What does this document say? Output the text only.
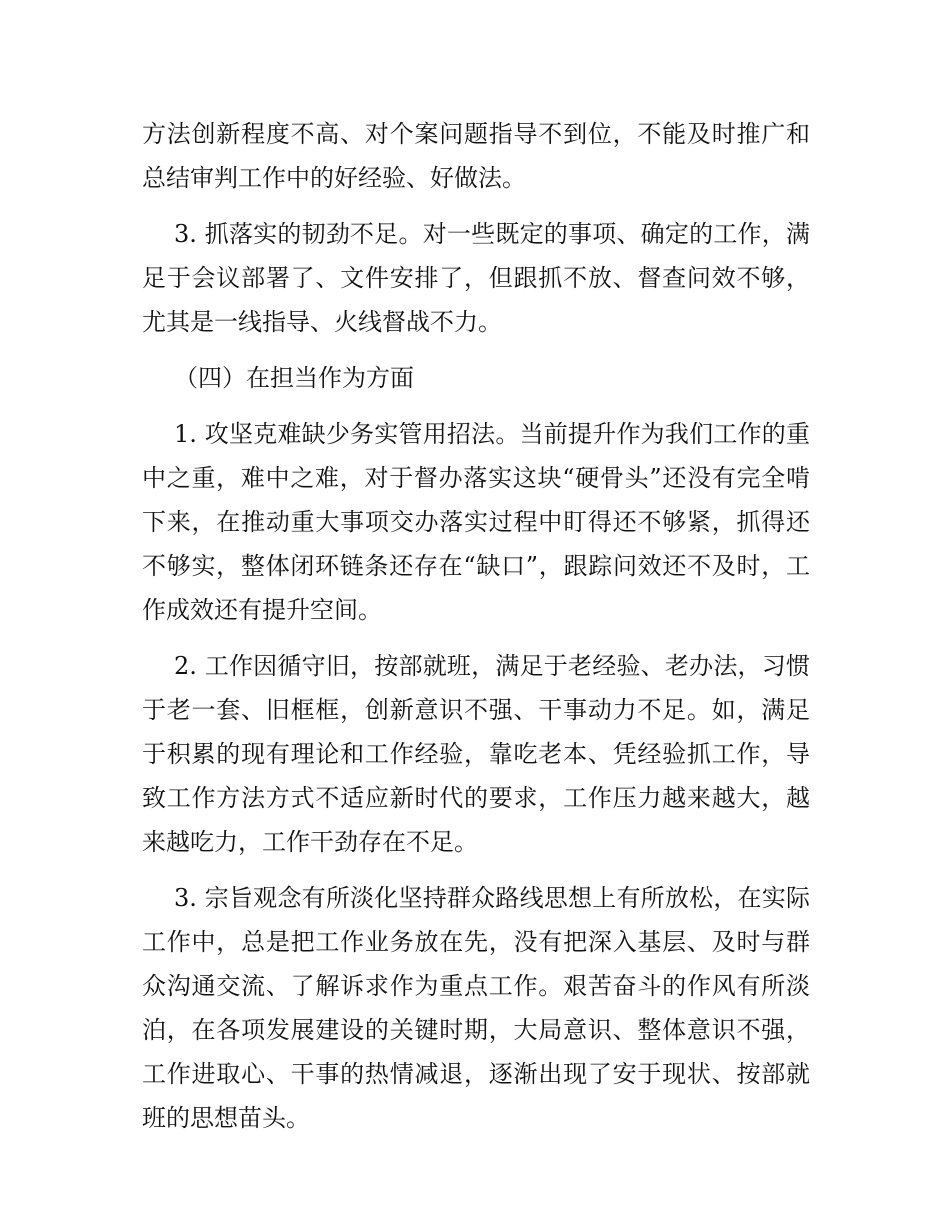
方法创新程度不高、对个案问题指导不到位，不能及时推广和总结审判工作中的好经验、好做法。

3. 抓落实的韧劲不足。对一些既定的事项、确定的工作，满足于会议部署了、文件安排了，但跟抓不放、督查问效不够，尤其是一线指导、火线督战不力。

（四）在担当作为方面

1. 攻坚克难缺少务实管用招法。当前提升作为我们工作的重中之重，难中之难，对于督办落实这块“硬骨头”还没有完全啃下来，在推动重大事项交办落实过程中盯得还不够紧，抓得还不够实，整体闭环链条还存在“缺口”，跟踪问效还不及时，工作成效还有提升空间。

2. 工作因循守旧，按部就班，满足于老经验、老办法，习惯于老一套、旧框框，创新意识不强、干事动力不足。如，满足于积累的现有理论和工作经验，靠吃老本、凭经验抓工作，导致工作方法方式不适应新时代的要求，工作压力越来越大，越来越吃力，工作干劲存在不足。

3. 宗旨观念有所淡化坚持群众路线思想上有所放松，在实际工作中，总是把工作业务放在先，没有把深入基层、及时与群众沟通交流、了解诉求作为重点工作。艰苦奋斗的作风有所淡泊，在各项发展建设的关键时期，大局意识、整体意识不强，工作进取心、干事的热情减退，逐渐出现了安于现状、按部就班的思想苗头。
